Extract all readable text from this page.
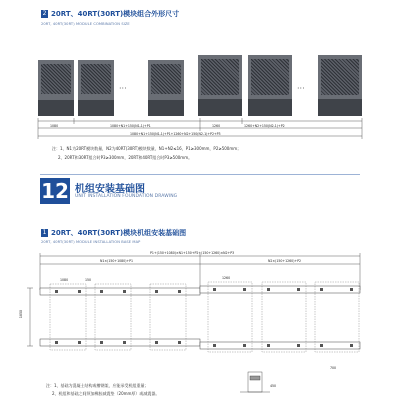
2 20RT、40RT(30RT)模块组合外形尺寸
20RT, 40RT(30RT) MODULE COMBINATION SIZE
···	···
1080	1080+N1+150(N1-1)+P1	1260	1260+N2+150(N2-1)+P2
1080+N1+150(N1-1)+P1+1260+N2+150(N2-1)+P2+P3
注：1、N1为20RT模块数量，N2为40RT(30RT)模块数量，N1+N2≤16，P1≥300mm，P2≥500mm；
2、20RT和30RT组合时P3≥300mm，20RT和40RT组合时P3≥500mm。
12 机组安装基础图
UNIT INSTALLATION FOUNDATION DRAWING
1 20RT、40RT(30RT)模块机组安装基础图
20RT, 40RT(30RT) MODULE INSTALLATION BASE MAP
P1+(150+1080)×N1+150+P2+(150+1260)×N2+P3
N1×(150+1080)+P1	N2×(150+1260)+P2
1080	150	1260
1850
700
450
注：1、基础为混凝土结构或槽钢架，应能承受机组重量；
2、机组和基础之间须加橡胶减震垫（20mm厚）或减震器。
